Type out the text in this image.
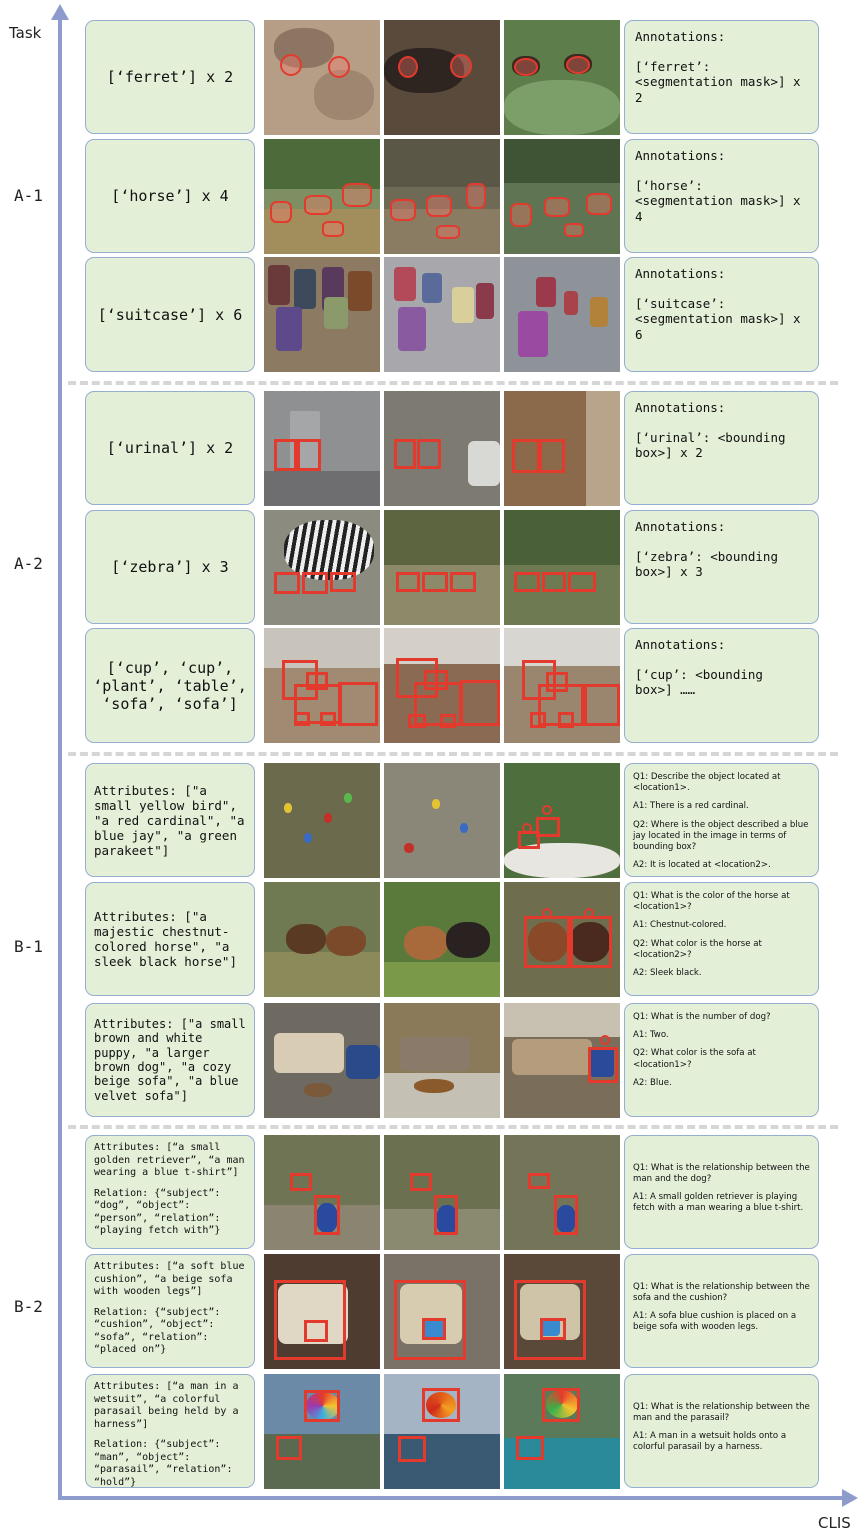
Task
CLIS
A-1
A-2
B-1
B-2
[‘ferret’] x 2

Annotations:

[‘ferret’: <segmentation mask>] x 2

[‘horse’] x 4

Annotations:

[‘horse’: <segmentation mask>] x 4

[‘suitcase’] x 6

Annotations:

[‘suitcase’: <segmentation mask>] x 6

[‘urinal’] x 2

Annotations:

[‘urinal’: <bounding box>] x 2

[‘zebra’] x 3

Annotations:

[‘zebra’: <bounding box>] x 3

[‘cup’, ‘cup’, ‘plant’, ‘table’, ‘sofa’, ‘sofa’]

Annotations:

[‘cup’: <bounding box>] ……

Attributes: ["a small yellow bird", "a red cardinal", "a blue jay", "a green parakeet"]

Q1: Describe the object located at <location1>.

A1: There is a red cardinal.

Q2: Where is the object described a blue jay located in the image in terms of bounding box?

A2: It is located at <location2>.

Attributes: ["a majestic chestnut-colored horse", "a sleek black horse"]

Q1: What is the color of the horse at <location1>?

A1: Chestnut-colored.

Q2: What color is the horse at <location2>?

A2: Sleek black.

Attributes: ["a small brown and white puppy, "a larger brown dog", "a cozy beige sofa", "a blue velvet sofa"]

Q1: What is the number of dog?

A1: Two.

Q2: What color is the sofa at <location1>?

A2: Blue.

Attributes: [“a small golden retriever”, “a man wearing a blue t-shirt”]

Relation: {“subject”: “dog”, “object”: “person”, “relation”: “playing fetch with”}

Q1: What is the relationship between the man and the dog?

A1: A small golden retriever is playing fetch with a man wearing a blue t-shirt.

Attributes: [“a soft blue cushion”, “a beige sofa with wooden legs”]

Relation: {“subject”: “cushion”, “object”: “sofa”, “relation”: “placed on”}

Q1: What is the relationship between the sofa and the cushion?

A1: A sofa blue cushion is placed on a beige sofa with wooden legs.

Attributes: [“a man in a wetsuit”, “a colorful parasail being held by a harness”]

Relation: {“subject”: “man”, “object”: “parasail”, “relation”: “hold”}

Q1: What is the relationship between the man and the parasail?

A1: A man in a wetsuit holds onto a colorful parasail by a harness.
